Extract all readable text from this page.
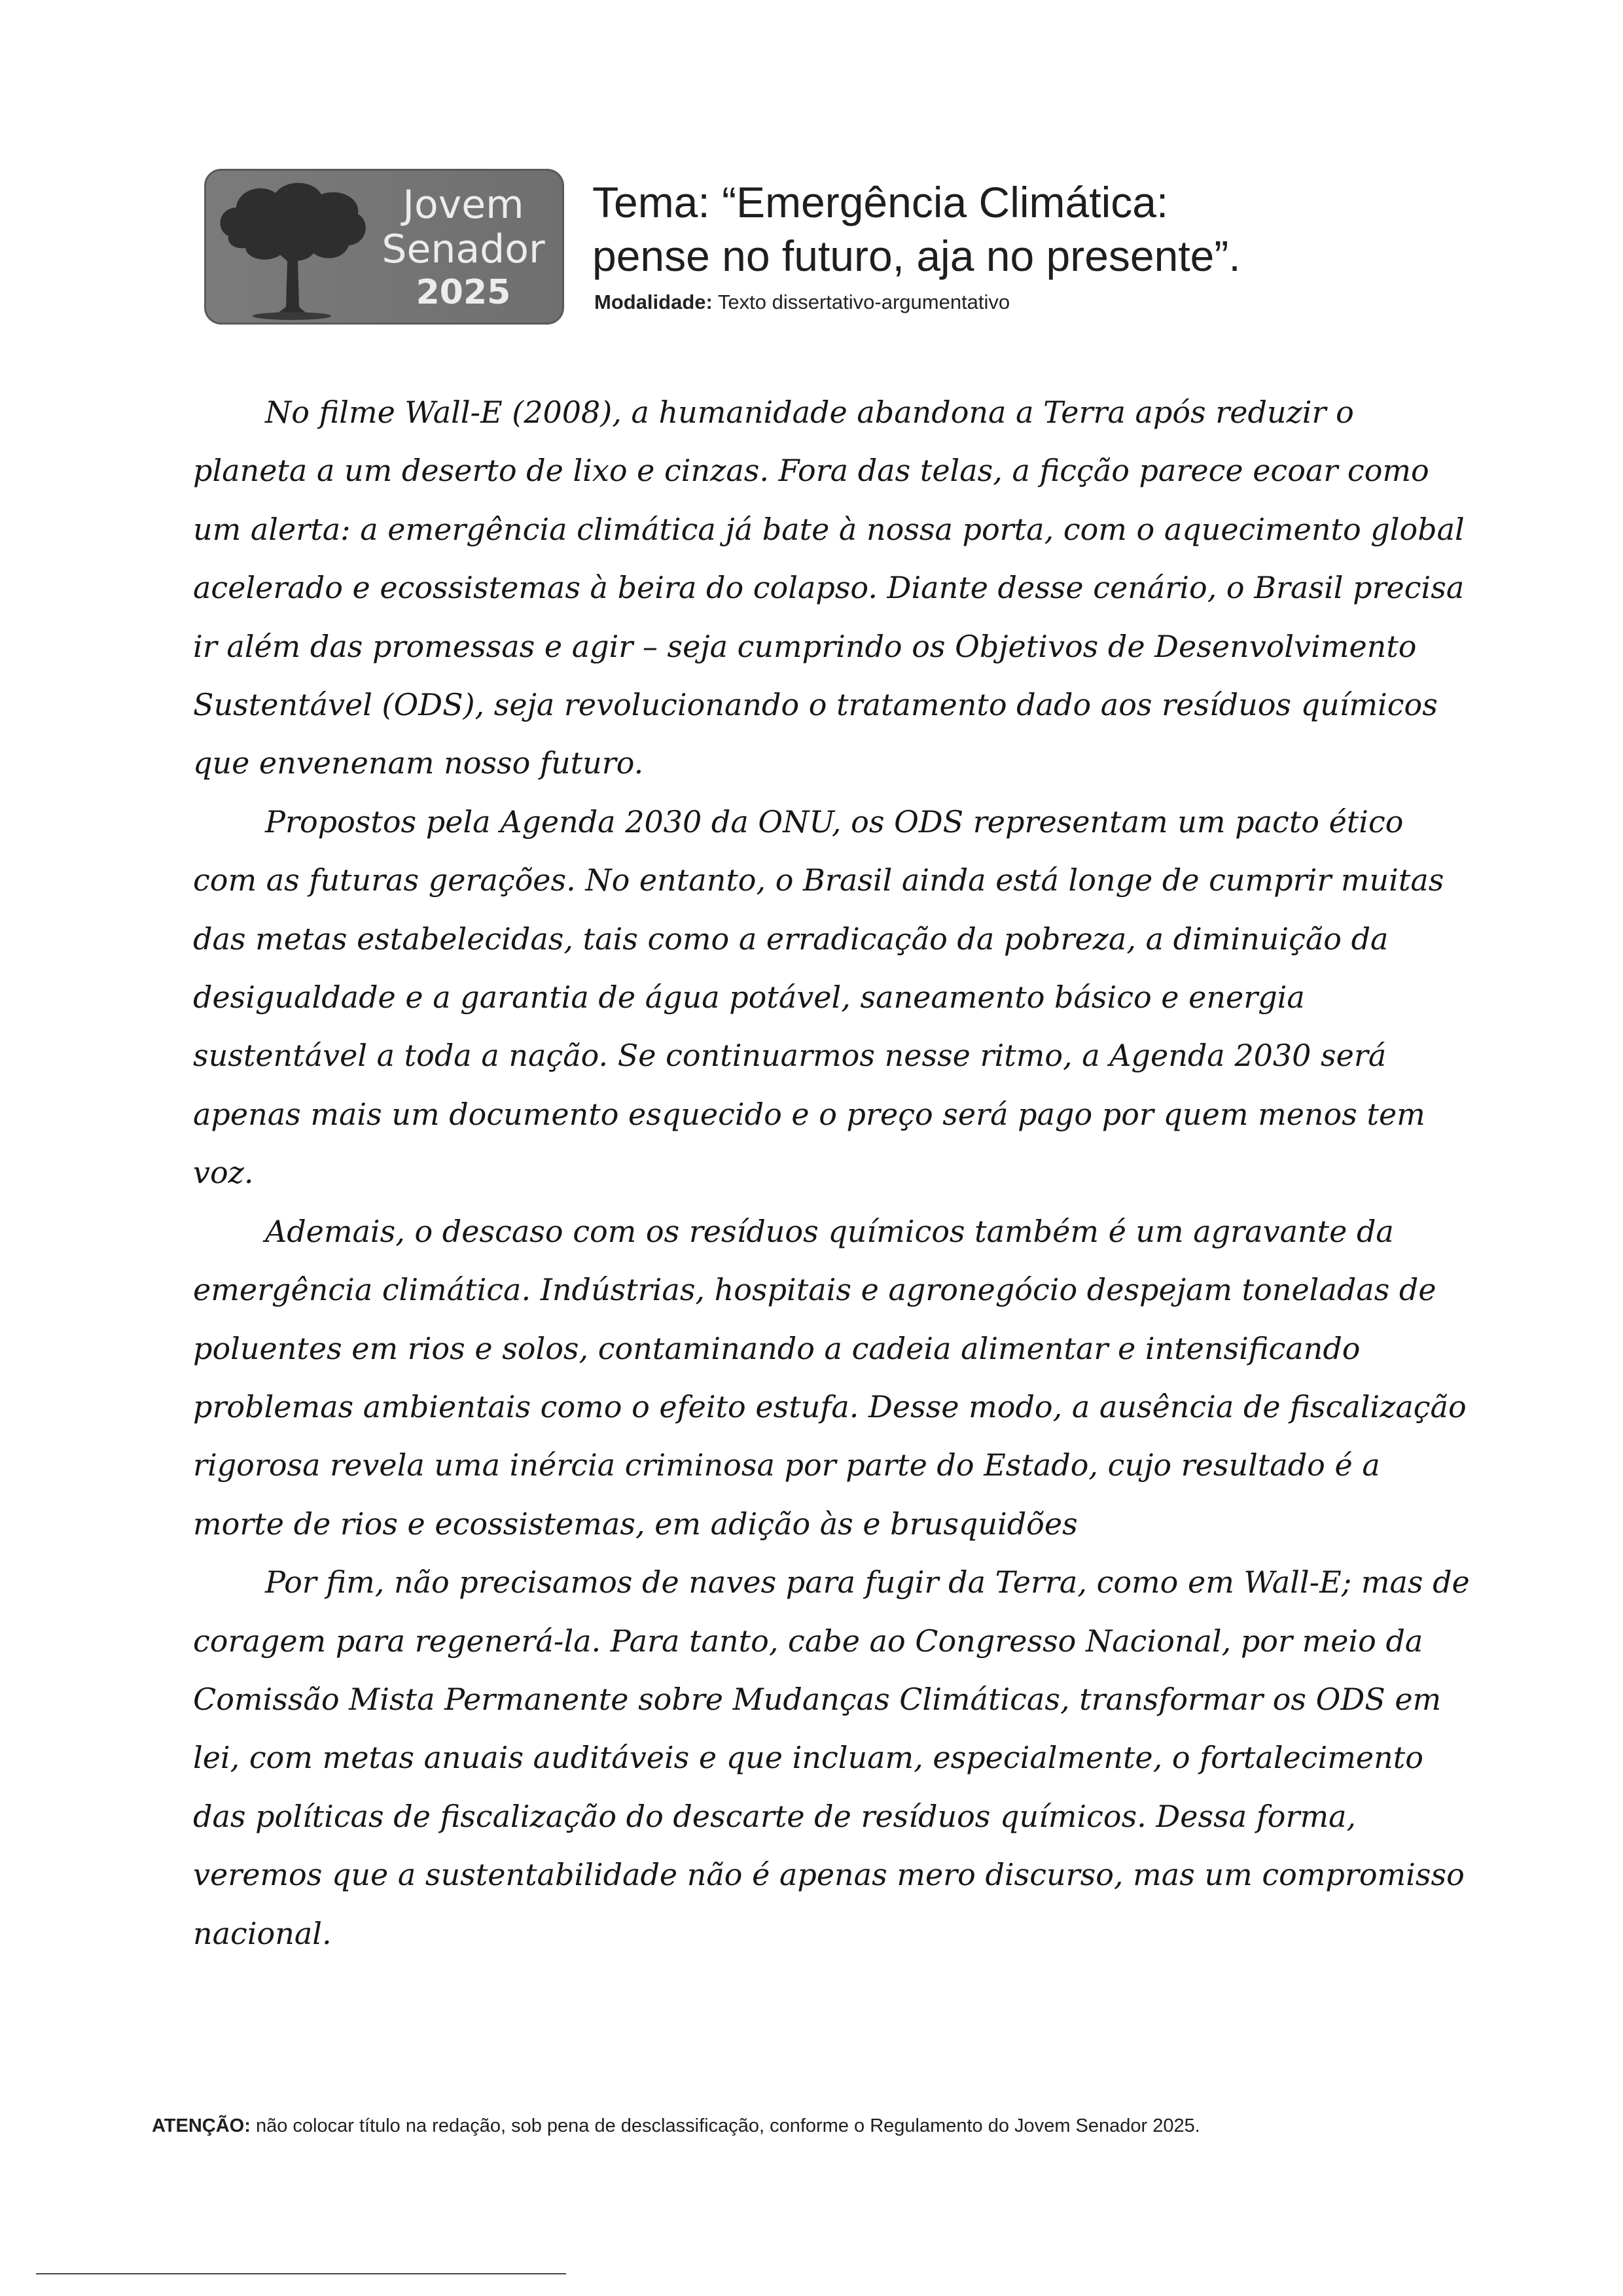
Jovem
Senador
2025
Tema: “Emergência Climática:
pense no futuro, aja no presente”.
Modalidade: Texto dissertativo-argumentativo

No filme Wall-E (2008), a humanidade abandona a Terra após reduzir o planeta a um deserto de lixo e cinzas. Fora das telas, a ficção parece ecoar como um alerta: a emergência climática já bate à nossa porta, com o aquecimento global acelerado e ecossistemas à beira do colapso. Diante desse cenário, o Brasil precisa ir além das promessas e agir – seja cumprindo os Objetivos de Desenvolvimento Sustentável (ODS), seja revolucionando o tratamento dado aos resíduos químicos que envenenam nosso futuro.

Propostos pela Agenda 2030 da ONU, os ODS representam um pacto ético com as futuras gerações. No entanto, o Brasil ainda está longe de cumprir muitas das metas estabelecidas, tais como a erradicação da pobreza, a diminuição da desigualdade e a garantia de água potável, saneamento básico e energia sustentável a toda a nação. Se continuarmos nesse ritmo, a Agenda 2030 será apenas mais um documento esquecido e o preço será pago por quem menos tem voz.

Ademais, o descaso com os resíduos químicos também é um agravante da emergência climática. Indústrias, hospitais e agronegócio despejam toneladas de poluentes em rios e solos, contaminando a cadeia alimentar e intensificando problemas ambientais como o efeito estufa. Desse modo, a ausência de fiscalização rigorosa revela uma inércia criminosa por parte do Estado, cujo resultado é a morte de rios e ecossistemas, em adição às e brusquidões

Por fim, não precisamos de naves para fugir da Terra, como em Wall-E; mas de coragem para regenerá-la. Para tanto, cabe ao Congresso Nacional, por meio da Comissão Mista Permanente sobre Mudanças Climáticas, transformar os ODS em lei, com metas anuais auditáveis e que incluam, especialmente, o fortalecimento das políticas de fiscalização do descarte de resíduos químicos. Dessa forma, veremos que a sustentabilidade não é apenas mero discurso, mas um compromisso nacional.

ATENÇÃO: não colocar título na redação, sob pena de desclassificação, conforme o Regulamento do Jovem Senador 2025.
